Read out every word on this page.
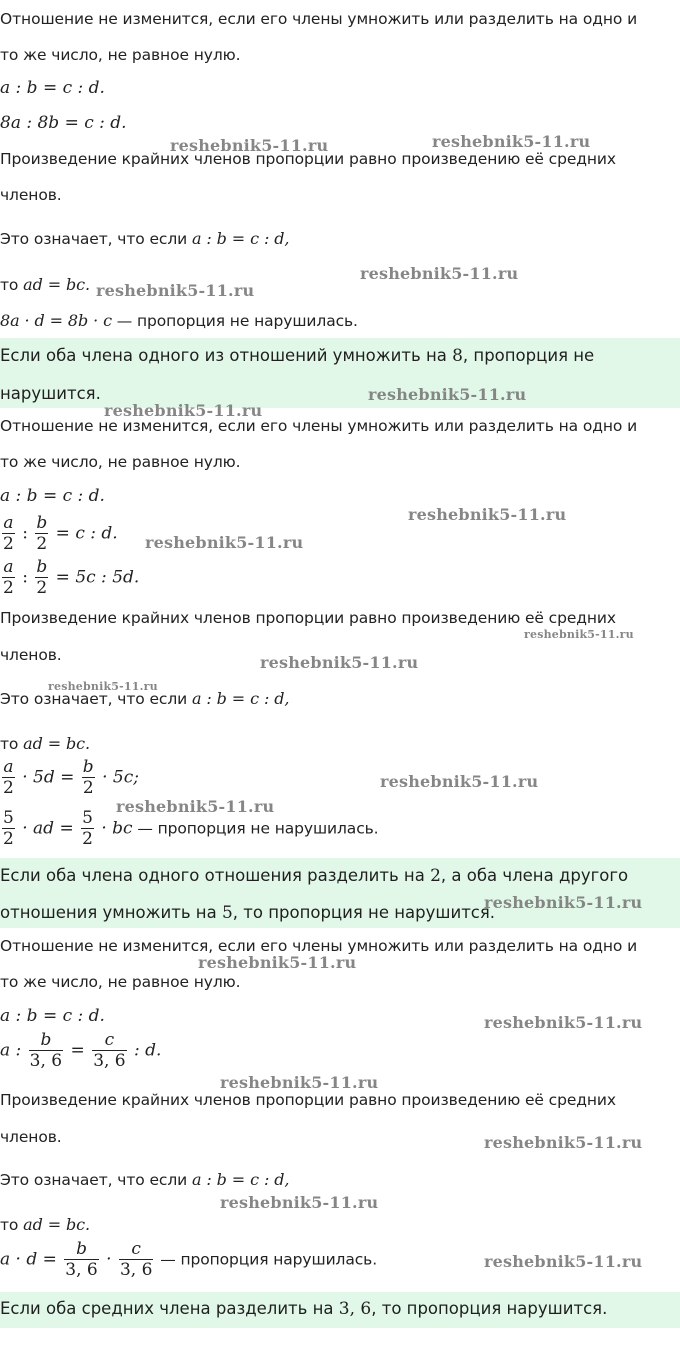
Отношение не изменится, если его члены умножить или разделить на одно и
то же число, не равное нулю.
a : b = c : d.
8a : 8b = c : d.
Произведение крайних членов пропорции равно произведению её средних
членов.
Это означает, что если a : b = c : d,
то ad = bc.
8a · d = 8b · c — пропорция не нарушилась.
Если оба члена одного из отношений умножить на 8, пропорция не
нарушится.
Отношение не изменится, если его члены умножить или разделить на одно и
то же число, не равное нулю.
a : b = c : d.
$\frac{a}{2}$ : $\frac{b}{2} = c$ : d.
$\frac{a}{2}$ : $\frac{b}{2} = 5c$ : 5d.
Произведение крайних членов пропорции равно произведению её средних
членов.
Это означает, что если a : b = c : d,
то ad = bc.
$\frac{a}{2} \cdot 5d = \frac{b}{2} \cdot 5c$;
$\frac{5}{2}$ · ad = $\frac{5}{2}$ · bc — пропорция не нарушилась.
Если оба члена одного отношения разделить на 2, а оба члена другого
отношения умножить на 5, то пропорция не нарушится.
Отношение не изменится, если его члены умножить или разделить на одно и
то же число, не равное нулю.
a : b = c : d.
a : $\frac{b}{3, 6} = \frac{c}{3, 6}$ : d.
Произведение крайних членов пропорции равно произведению её средних
членов.
Это означает, что если a : b = c : d,
то ad = bc.
$a \cdot d = \frac{b}{3, 6} \cdot \frac{c}{3, 6}$ — пропорция нарушилась.
Если оба средних члена разделить на 3, 6, то пропорция нарушится.
reshebnik5-11.ru	reshebnik5-11.ru
reshebnik5-11.ru
reshebnik5-11.ru
reshebnik5-11.ru
reshebnik5-11.ru
reshebnik5-11.ru
reshebnik5-11.ru
reshebnik5-11.ru
reshebnik5-11.ru
reshebnik5-11.ru
reshebnik5-11.ru
reshebnik5-11.ru
reshebnik5-11.ru
reshebnik5-11.ru
reshebnik5-11.ru
reshebnik5-11.ru
reshebnik5-11.ru
reshebnik5-11.ru
reshebnik5-11.ru
